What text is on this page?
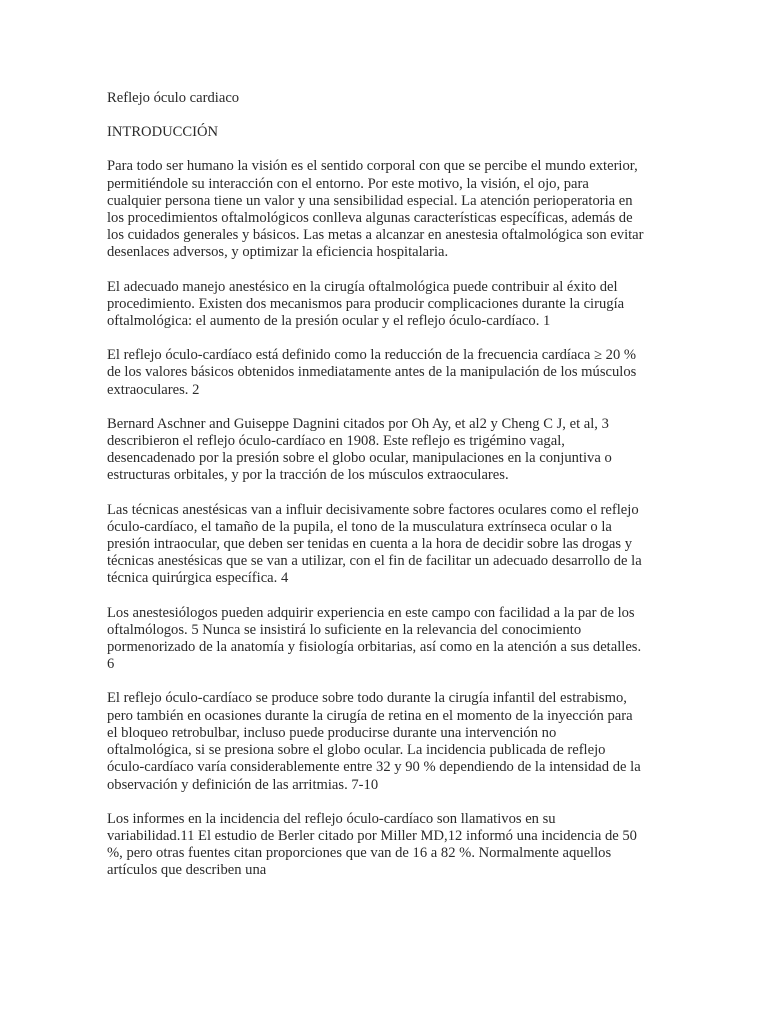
Reflejo óculo cardiaco
INTRODUCCIÓN
Para todo ser humano la visión es el sentido corporal con que se percibe el mundo exterior,
permitiéndole su interacción con el entorno. Por este motivo, la visión, el ojo, para
cualquier persona tiene un valor y una sensibilidad especial. La atención perioperatoria en
los procedimientos oftalmológicos conlleva algunas características específicas, además de
los cuidados generales y básicos. Las metas a alcanzar en anestesia oftalmológica son evitar
desenlaces adversos, y optimizar la eficiencia hospitalaria.
El adecuado manejo anestésico en la cirugía oftalmológica puede contribuir al éxito del
procedimiento. Existen dos mecanismos para producir complicaciones durante la cirugía
oftalmológica: el aumento de la presión ocular y el reflejo óculo-cardíaco. 1
El reflejo óculo-cardíaco está definido como la reducción de la frecuencia cardíaca ≥ 20 %
de los valores básicos obtenidos inmediatamente antes de la manipulación de los músculos
extraoculares. 2
Bernard Aschner and Guiseppe Dagnini citados por Oh Ay, et al2 y Cheng C J, et al, 3
describieron el reflejo óculo-cardíaco en 1908. Este reflejo es trigémino vagal,
desencadenado por la presión sobre el globo ocular, manipulaciones en la conjuntiva o
estructuras orbitales, y por la tracción de los músculos extraoculares.
Las técnicas anestésicas van a influir decisivamente sobre factores oculares como el reflejo
óculo-cardíaco, el tamaño de la pupila, el tono de la musculatura extrínseca ocular o la
presión intraocular, que deben ser tenidas en cuenta a la hora de decidir sobre las drogas y
técnicas anestésicas que se van a utilizar, con el fin de facilitar un adecuado desarrollo de la
técnica quirúrgica específica. 4
Los anestesiólogos pueden adquirir experiencia en este campo con facilidad a la par de los
oftalmólogos. 5 Nunca se insistirá lo suficiente en la relevancia del conocimiento
pormenorizado de la anatomía y fisiología orbitarias, así como en la atención a sus detalles.
6
El reflejo óculo-cardíaco se produce sobre todo durante la cirugía infantil del estrabismo,
pero también en ocasiones durante la cirugía de retina en el momento de la inyección para
el bloqueo retrobulbar, incluso puede producirse durante una intervención no
oftalmológica, si se presiona sobre el globo ocular. La incidencia publicada de reflejo
óculo-cardíaco varía considerablemente entre 32 y 90 % dependiendo de la intensidad de la
observación y definición de las arritmias. 7-10
Los informes en la incidencia del reflejo óculo-cardíaco son llamativos en su
variabilidad.11 El estudio de Berler citado por Miller MD,12 informó una incidencia de 50
%, pero otras fuentes citan proporciones que van de 16 a 82 %. Normalmente aquellos
artículos que describen una
